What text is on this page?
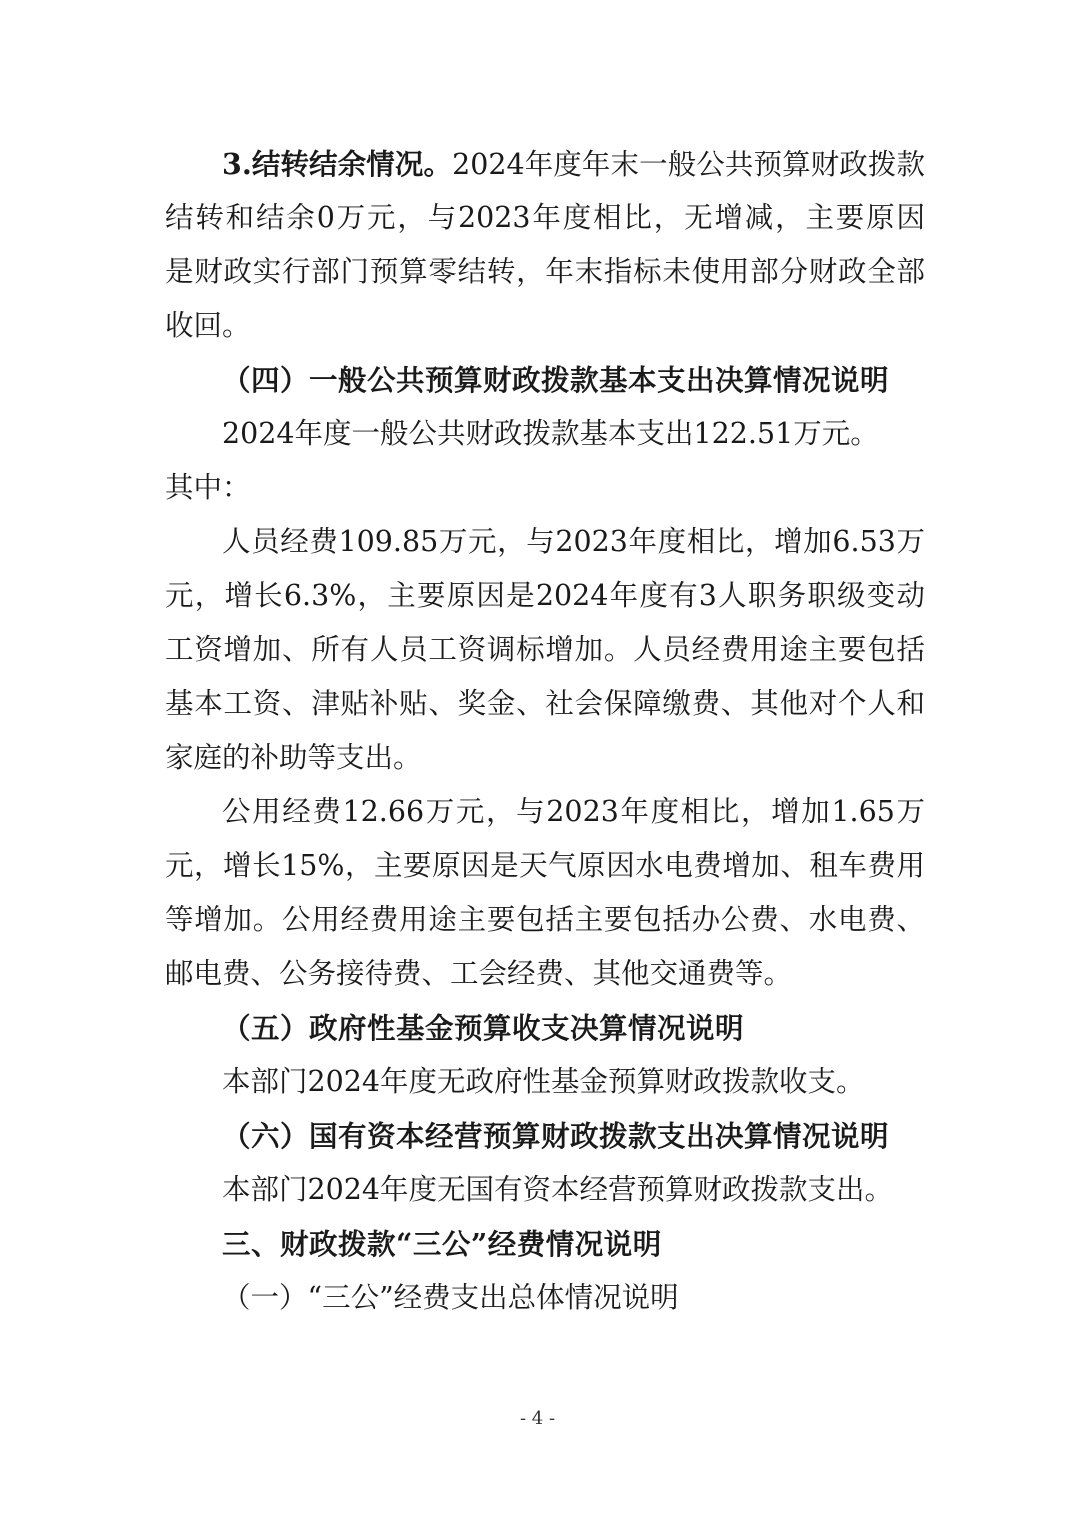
3.结转结余情况。2024年度年末一般公共预算财政拨款
结转和结余0万元，与2023年度相比，无增减，主要原因
是财政实行部门预算零结转，年末指标未使用部分财政全部
收回。
（四）一般公共预算财政拨款基本支出决算情况说明
2024年度一般公共财政拨款基本支出122.51万元。
其中：
人员经费109.85万元，与2023年度相比，增加6.53万
元，增长6.3%，主要原因是2024年度有3人职务职级变动
工资增加、所有人员工资调标增加。人员经费用途主要包括
基本工资、津贴补贴、奖金、社会保障缴费、其他对个人和
家庭的补助等支出。
公用经费12.66万元，与2023年度相比，增加1.65万
元，增长15%，主要原因是天气原因水电费增加、租车费用
等增加。公用经费用途主要包括主要包括办公费、水电费、
邮电费、公务接待费、工会经费、其他交通费等。
（五）政府性基金预算收支决算情况说明
本部门2024年度无政府性基金预算财政拨款收支。
（六）国有资本经营预算财政拨款支出决算情况说明
本部门2024年度无国有资本经营预算财政拨款支出。
三、财政拨款“三公”经费情况说明
（一）“三公”经费支出总体情况说明
- 4 -
